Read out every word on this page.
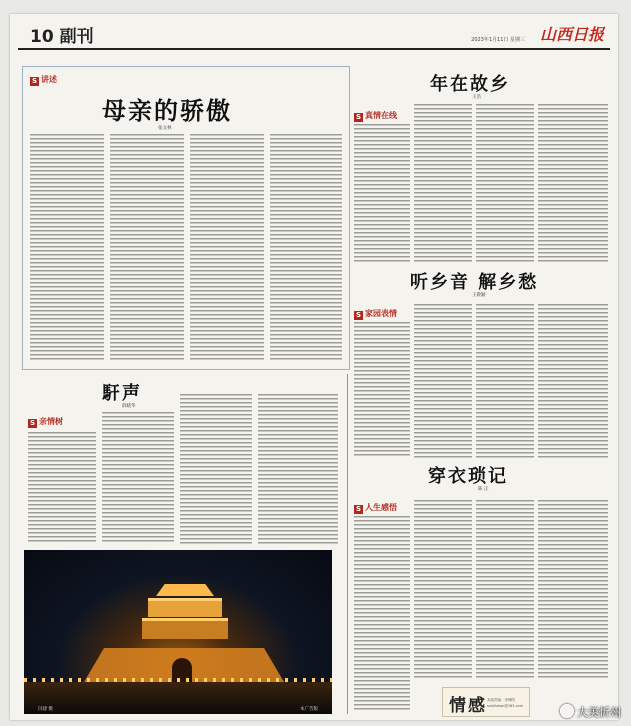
10 副刊	2023年1月11日 星期三 山西日报
S 讲述
母亲的骄傲
张文林
馯声
薛晓华
S 亲情树
闫建 摄	本广告版
年在故乡
王浩
S 真情在线
听乡音 解乡愁
王敬颖
S 家园表情
穿衣琐记
陈 正
S 人生感悟
情感 本版责编：李博阳
sxrbfukan@163.com	大美忻州
